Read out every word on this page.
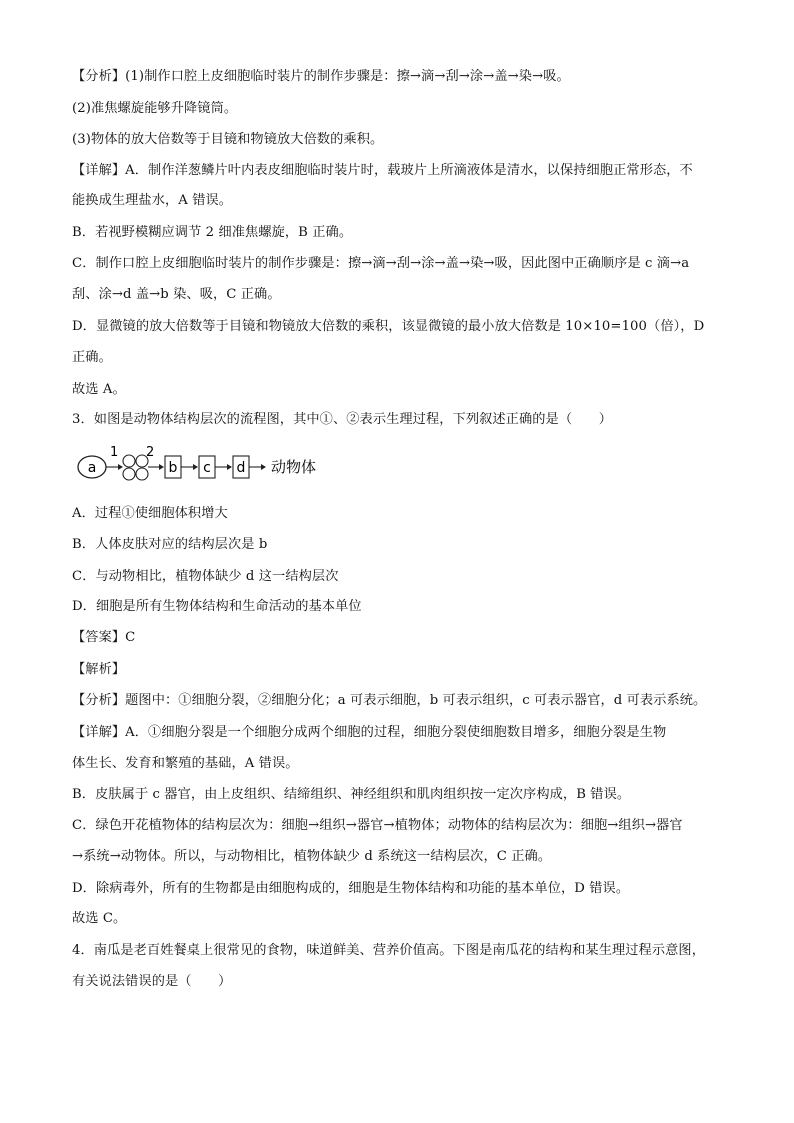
【分析】(1)制作口腔上皮细胞临时装片的制作步骤是：擦→滴→刮→涂→盖→染→吸。
(2)准焦螺旋能够升降镜筒。
(3)物体的放大倍数等于目镜和物镜放大倍数的乘积。
【详解】A．制作洋葱鳞片叶内表皮细胞临时装片时，载玻片上所滴液体是清水，以保持细胞正常形态，不
能换成生理盐水，A 错误。
B．若视野模糊应调节 2 细准焦螺旋，B 正确。
C．制作口腔上皮细胞临时装片的制作步骤是：擦→滴→刮→涂→盖→染→吸，因此图中正确顺序是 c 滴→a
刮、涂→d 盖→b 染、吸，C 正确。
D．显微镜的放大倍数等于目镜和物镜放大倍数的乘积，该显微镜的最小放大倍数是 10×10=100（倍），D
正确。
故选 A。
3．如图是动物体结构层次的流程图，其中①、②表示生理过程，下列叙述正确的是（　　）
a
1 2
b c d 动物体
A．过程①使细胞体积增大
B．人体皮肤对应的结构层次是 b
C．与动物相比，植物体缺少 d 这一结构层次
D．细胞是所有生物体结构和生命活动的基本单位
【答案】C
【解析】
【分析】题图中：①细胞分裂，②细胞分化；a 可表示细胞，b 可表示组织，c 可表示器官，d 可表示系统。
【详解】A．①细胞分裂是一个细胞分成两个细胞的过程，细胞分裂使细胞数目增多，细胞分裂是生物
体生长、发育和繁殖的基础，A 错误。
B．皮肤属于 c 器官，由上皮组织、结缔组织、神经组织和肌肉组织按一定次序构成，B 错误。
C．绿色开花植物体的结构层次为：细胞→组织→器官→植物体；动物体的结构层次为：细胞→组织→器官
→系统→动物体。所以，与动物相比，植物体缺少 d 系统这一结构层次，C 正确。
D．除病毒外，所有的生物都是由细胞构成的，细胞是生物体结构和功能的基本单位，D 错误。
故选 C。
4．南瓜是老百姓餐桌上很常见的食物，味道鲜美、营养价值高。下图是南瓜花的结构和某生理过程示意图，
有关说法错误的是（　　）
